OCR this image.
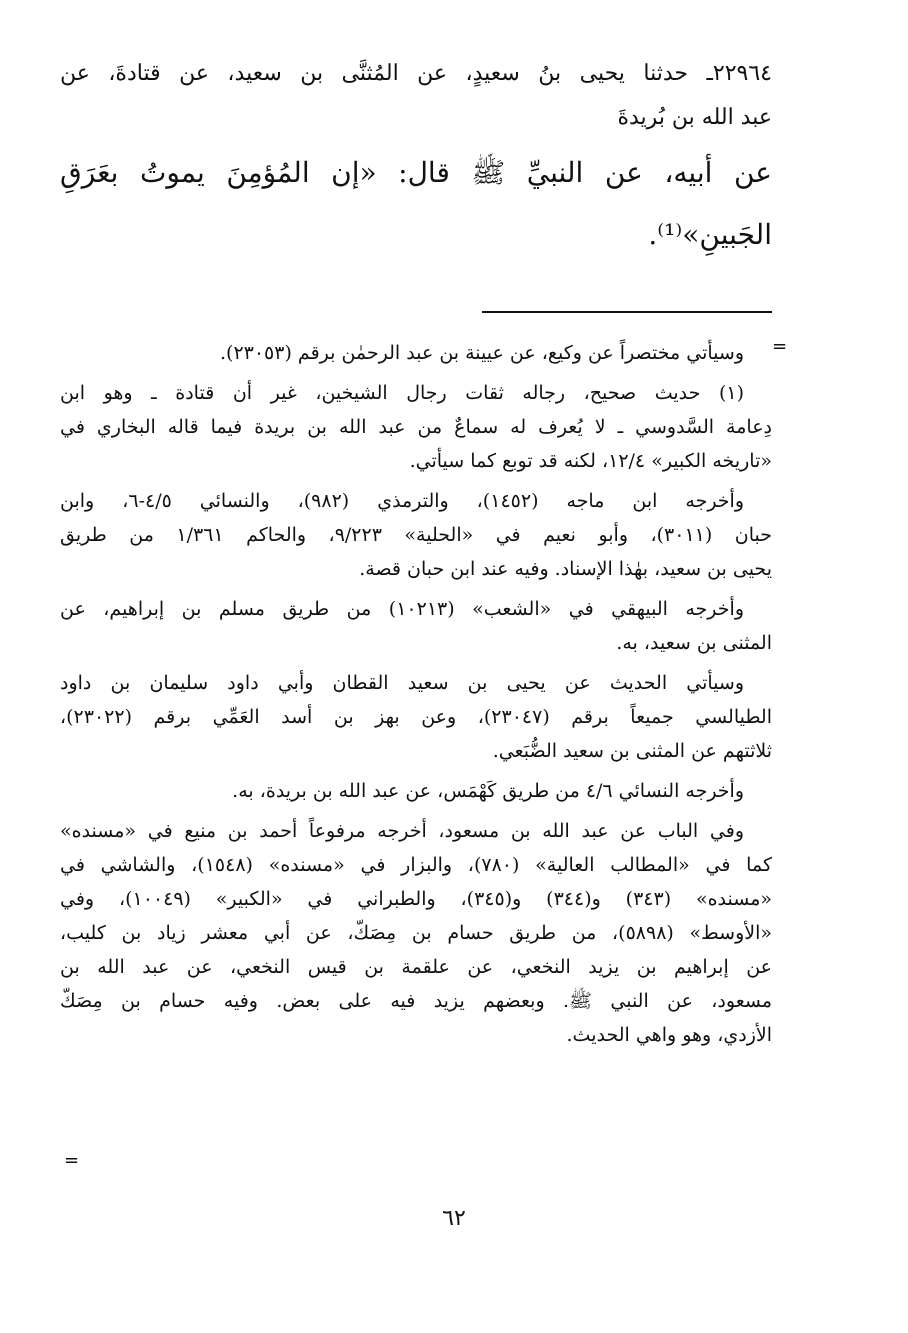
٢٢٩٦٤ـ حدثنا يحيى بنُ سعيدٍ، عن المُثنَّى بن سعيد، عن قتادةَ، عن
عبد الله بن بُريدةَ
عن أبيه، عن النبيِّ ﷺ قال: «إن المُؤمِنَ يموتُ بعَرَقِ
الجَبينِ»⁽¹⁾.
=
وسيأتي مختصراً عن وكيع، عن عيينة بن عبد الرحمٰن برقم (٢٣٠٥٣).
(١) حديث صحيح، رجاله ثقات رجال الشيخين، غير أن قتادة ـ وهو ابن
دِعامة السَّدوسي ـ لا يُعرف له سماعٌ من عبد الله بن بريدة فيما قاله البخاري في
«تاريخه الكبير» ١٢/٤، لكنه قد توبع كما سيأتي.
وأخرجه ابن ماجه (١٤٥٢)، والترمذي (٩٨٢)، والنسائي ٤/٥-٦، وابن
حبان (٣٠١١)، وأبو نعيم في «الحلية» ٩/٢٢٣، والحاكم ١/٣٦١ من طريق
يحيى بن سعيد، بهٰذا الإسناد. وفيه عند ابن حبان قصة.
وأخرجه البيهقي في «الشعب» (١٠٢١٣) من طريق مسلم بن إبراهيم، عن
المثنى بن سعيد، به.
وسيأتي الحديث عن يحيى بن سعيد القطان وأبي داود سليمان بن داود
الطيالسي جميعاً برقم (٢٣٠٤٧)، وعن بهز بن أسد العَمِّي برقم (٢٣٠٢٢)،
ثلاثتهم عن المثنى بن سعيد الضُّبَعي.
وأخرجه النسائي ٤/٦ من طريق كَهْمَس، عن عبد الله بن بريدة، به.
وفي الباب عن عبد الله بن مسعود، أخرجه مرفوعاً أحمد بن منيع في «مسنده»
كما في «المطالب العالية» (٧٨٠)، والبزار في «مسنده» (١٥٤٨)، والشاشي في
«مسنده» (٣٤٣) و(٣٤٤) و(٣٤٥)، والطبراني في «الكبير» (١٠٠٤٩)، وفي
«الأوسط» (٥٨٩٨)، من طريق حسام بن مِصَكّ، عن أبي معشر زياد بن كليب،
عن إبراهيم بن يزيد النخعي، عن علقمة بن قيس النخعي، عن عبد الله بن
مسعود، عن النبي ﷺ. وبعضهم يزيد فيه على بعض. وفيه حسام بن مِصَكّ
الأزدي، وهو واهي الحديث.
=
٦٢
